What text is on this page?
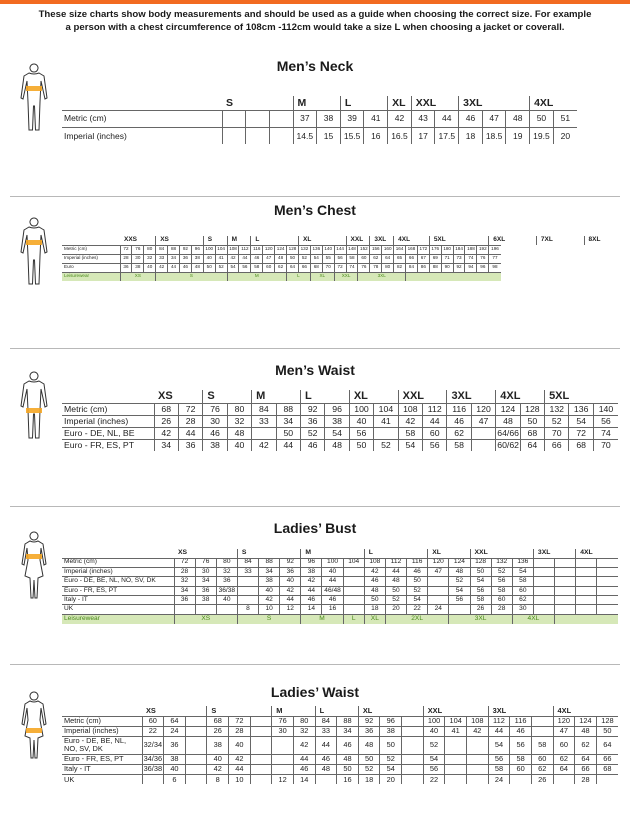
These size charts show body measurements and should be used as a guide when choosing the correct size. For example
a person with a chest circumference of 108cm -112cm would take a size L when choosing a jacket or coverall.
Men’s Neck
	S			M		L		XL	XXL		3XL			4XL	
Metric (cm)				37	38	39	41	42	43	44	46	47	48	50	51
Imperial (inches)				14.5	15	15.5	16	16.5	17	17.5	18	18.5	19	19.5	20
Men’s Chest
	XXS			XS				S		M		L				XL				XXL		3XL		4XL			5XL					6XL	7XL	8XL
Metric (cm)	72	76	80	84	88	92	96	100	104	108	112	116	120	124	128	132	136	140	144	148	152	156	160	164	168	172	176	180	184	188	192	196		
Imperial (inches)	28	30	32	33	34	36	38	40	41	42	44	46	47	48	50	52	54	55	56	58	60	62	64	65	66	67	69	71	73	74	76	77		
Euro	36	38	40	42	44	46	48	50	52	54	56	58	60	62	64	66	68	70	72	74	76	78	80	82	84	86	88	90	92	94	96	98		
Leisurewear	XS			S						M					L		XL		XXL		3XL													
Men’s Waist
	XS		S		M		L		XL		XXL		3XL		4XL		5XL		
Metric (cm)	68	72	76	80	84	88	92	96	100	104	108	112	116	120	124	128	132	136	140
Imperial (inches)	26	28	30	32	33	34	36	38	40	41	42	44	46	47	48	50	52	54	56
Euro - DE, NL, BE	42	44	46	48		50	52	54	56		58	60	62		64/66	68	70	72	74
Euro - FR, ES, PT	34	36	38	40	42	44	46	48	50	52	54	56	58		60/62	64	66	68	70
Ladies’ Bust
	XS			S			M			L			XL		XXL			3XL		4XL	
Metric (cm)	72	76	80	84	88	92	96	100	104	108	112	116	120	124	128	132	136				
Imperial (inches)	28	30	32	33	34	36	38	40		42	44	46	47	48	50	52	54				
Euro - DE, BE, NL, NO, SV, DK	32	34	36		38	40	42	44		46	48	50		52	54	56	58				
Euro - FR, ES, PT	34	36	36/38		40	42	44	46/48		48	50	52		54	56	58	60				
Italy - IT	36	38	40		42	44	46	46		50	52	54		56	58	60	62				
UK				8	10	12	14	16		18	20	22	24		26	28	30				
Leisurewear	XS			S			M		L	XL	2XL			3XL			4XL				
Ladies’ Waist
	XS			S			M		L		XL			XXL			3XL			4XL		
Metric (cm)	60	64		68	72		76	80	84	88	92	96		100	104	108	112	116		120	124	128
Imperial (inches)	22	24		26	28		30	32	33	34	36	38		40	41	42	44	46		47	48	50
Euro - DE, BE, NL, NO, SV, DK	32/34	36		38	40			42	44	46	48	50		52			54	56	58	60	62	64
Euro - FR, ES, PT	34/36	38		40	42			44	46	48	50	52		54			56	58	60	62	64	66
Italy - IT	36/38	40		42	44			46	48	50	52	54		56			58	60	62	64	66	68
UK		6		8	10		12	14		16	18	20		22			24		26		28	
